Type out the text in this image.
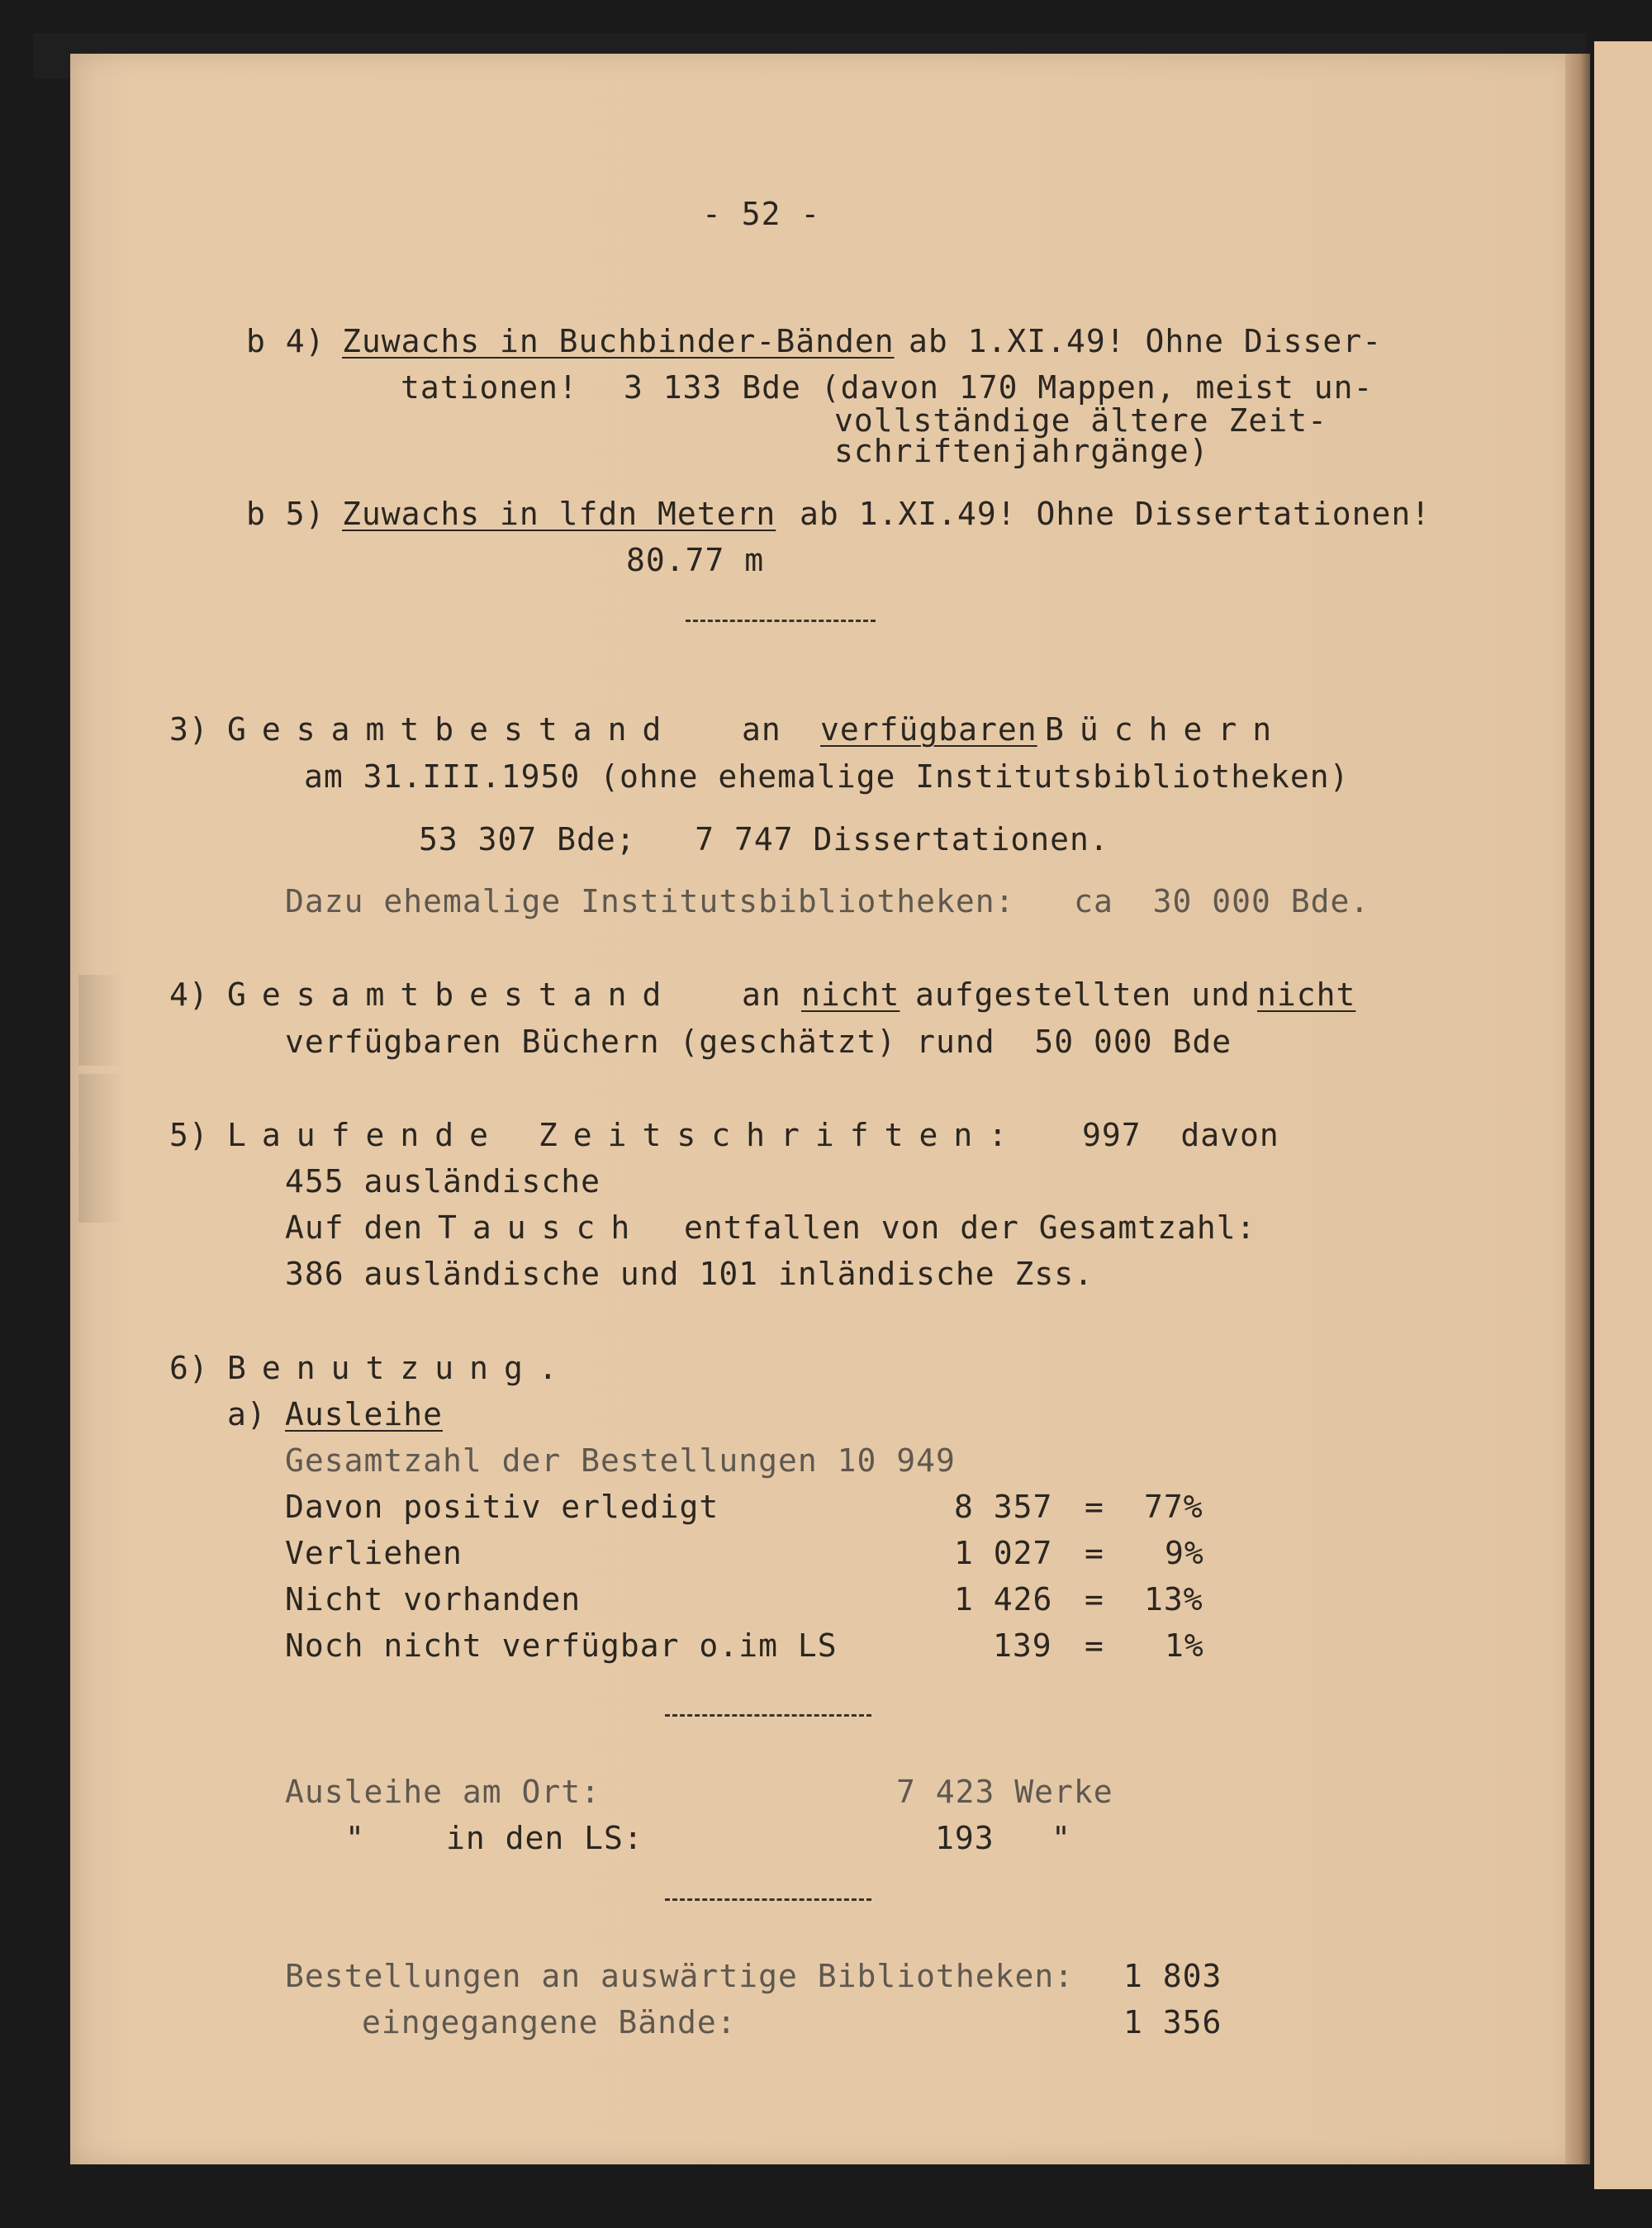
- 52 -
b 4) Zuwachs in Buchbinder-Bänden ab 1.XI.49! Ohne Disser-
tationen! 3 133 Bde (davon 170 Mappen, meist un-
vollständige ältere Zeit-
schriftenjahrgänge)
b 5) Zuwachs in lfdn Metern ab 1.XI.49! Ohne Dissertationen!
80.77 m
3) Gesamtbestand an verfügbaren Büchern
am 31.III.1950 (ohne ehemalige Institutsbibliotheken)
53 307 Bde;   7 747 Dissertationen.
Dazu ehemalige Institutsbibliotheken:   ca  30 000 Bde.
4) Gesamtbestand an nicht aufgestellten und nicht
verfügbaren Büchern (geschätzt) rund  50 000 Bde
5) Laufende Zeitschriften: 997  davon
455 ausländische
Auf den Tausch entfallen von der Gesamtzahl:
386 ausländische und 101 inländische Zss.
6) Benutzung.
a) Ausleihe
Gesamtzahl der Bestellungen 10 949
Davon positiv erledigt	8 357 = 77%
Verliehen	1 027 = 9%
Nicht vorhanden	1 426 = 13%
Noch nicht verfügbar o.im LS	139 = 1%
Ausleihe am Ort:	7 423 Werke
"	in den LS:	193 "
Bestellungen an auswärtige Bibliotheken: 1 803
eingegangene Bände:	1 356
